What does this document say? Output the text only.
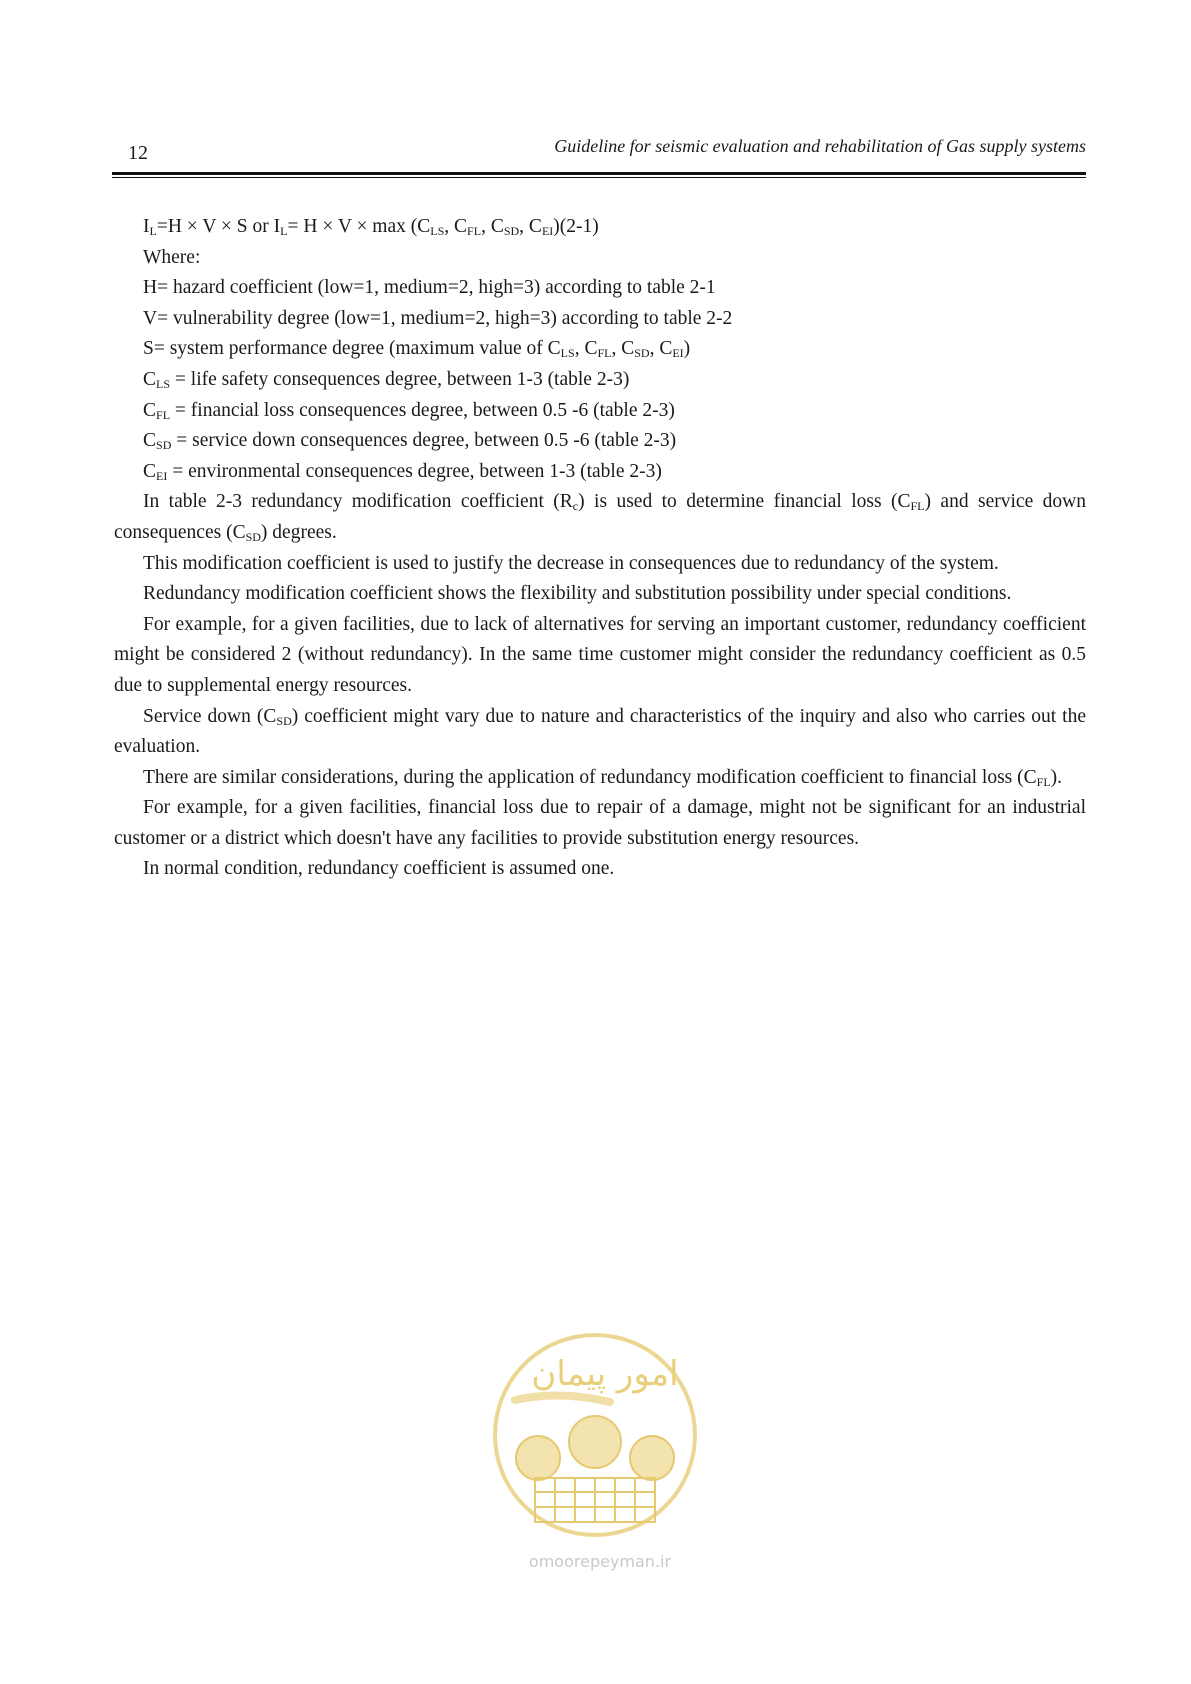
12	Guideline for seismic evaluation and rehabilitation of Gas supply systems

$I_L=H \times V \times S$ or $I_L= H \times V \times \max (C_{LS}$, $C_{FL}$, $C_{SD}$, $C_{EI})(2-1)$

Where:

H= hazard coefficient (low=1, medium=2, high=3) according to table 2-1

V= vulnerability degree (low=1, medium=2, high=3) according to table 2-2

S= system performance degree (maximum value of $C_{LS}$, $C_{FL}$, $C_{SD}$, $C_{EI}$)

$C_{LS}$ = life safety consequences degree, between 1-3 (table 2-3)

$C_{FL}$ = financial loss consequences degree, between 0.5 -6 (table 2-3)

$C_{SD}$ = service down consequences degree, between 0.5 -6 (table 2-3)

$C_{EI}$ = environmental consequences degree, between 1-3 (table 2-3)

In table 2-3 redundancy modification coefficient $(R_c)$ is used to determine financial loss $(C_{FL})$ and service down consequences $(C_{SD})$ degrees.

This modification coefficient is used to justify the decrease in consequences due to redundancy of the system.

Redundancy modification coefficient shows the flexibility and substitution possibility under special conditions.

For example, for a given facilities, due to lack of alternatives for serving an important customer, redundancy coefficient might be considered 2 (without redundancy). In the same time customer might consider the redundancy coefficient as 0.5 due to supplemental energy resources.

Service down $(C_{SD})$ coefficient might vary due to nature and characteristics of the inquiry and also who carries out the evaluation.

There are similar considerations, during the application of redundancy modification coefficient to financial loss $(C_{FL})$.

For example, for a given facilities, financial loss due to repair of a damage, might not be significant for an industrial customer or a district which doesn't have any facilities to provide substitution energy resources.

In normal condition, redundancy coefficient is assumed one.

امور پیمان
omoorepeyman.ir
